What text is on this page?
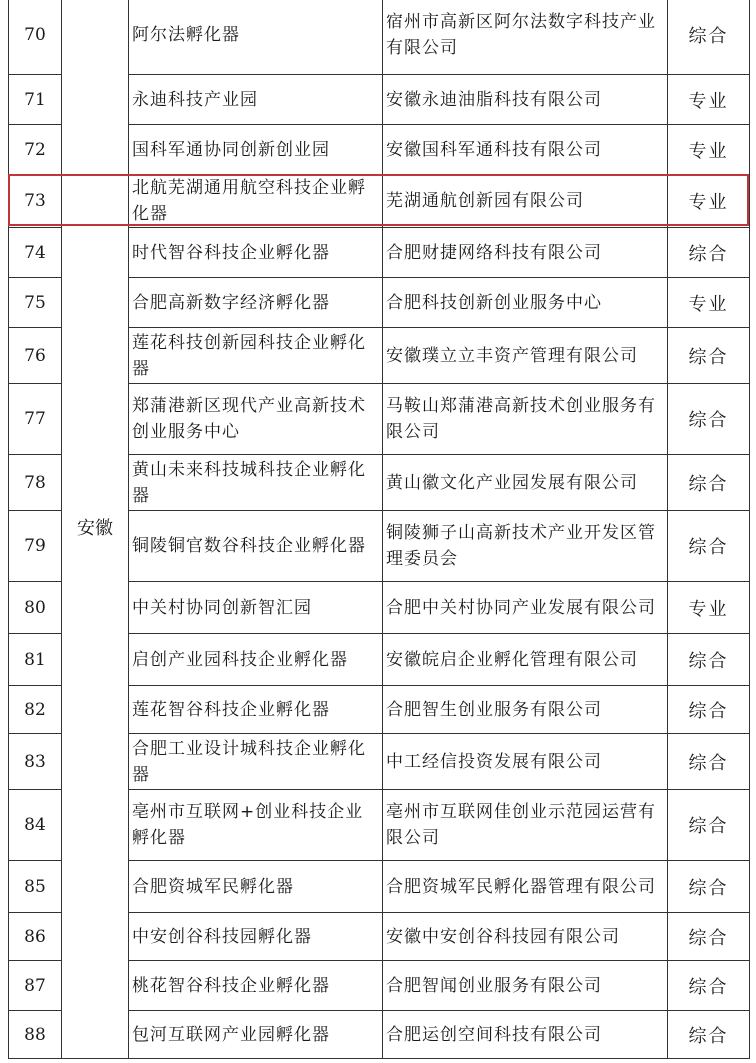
70	安徽	阿尔法孵化器	宿州市高新区阿尔法数字科技产业有限公司	综合
71		永迪科技产业园	安徽永迪油脂科技有限公司	专业
72		国科军通协同创新创业园	安徽国科军通科技有限公司	专业
73		北航芜湖通用航空科技企业孵化器	芜湖通航创新园有限公司	专业
74		时代智谷科技企业孵化器	合肥财捷网络科技有限公司	综合
75		合肥高新数字经济孵化器	合肥科技创新创业服务中心	专业
76		莲花科技创新园科技企业孵化器	安徽璞立立丰资产管理有限公司	综合
77		郑蒲港新区现代产业高新技术创业服务中心	马鞍山郑蒲港高新技术创业服务有限公司	综合
78		黄山未来科技城科技企业孵化器	黄山徽文化产业园发展有限公司	综合
79		铜陵铜官数谷科技企业孵化器	铜陵狮子山高新技术产业开发区管理委员会	综合
80		中关村协同创新智汇园	合肥中关村协同产业发展有限公司	专业
81		启创产业园科技企业孵化器	安徽皖启企业孵化管理有限公司	综合
82		莲花智谷科技企业孵化器	合肥智生创业服务有限公司	综合
83		合肥工业设计城科技企业孵化器	中工经信投资发展有限公司	综合
84		亳州市互联网+创业科技企业孵化器	亳州市互联网佳创业示范园运营有限公司	综合
85		合肥资城军民孵化器	合肥资城军民孵化器管理有限公司	综合
86		中安创谷科技园孵化器	安徽中安创谷科技园有限公司	综合
87		桃花智谷科技企业孵化器	合肥智闻创业服务有限公司	综合
88		包河互联网产业园孵化器	合肥运创空间科技有限公司	综合
